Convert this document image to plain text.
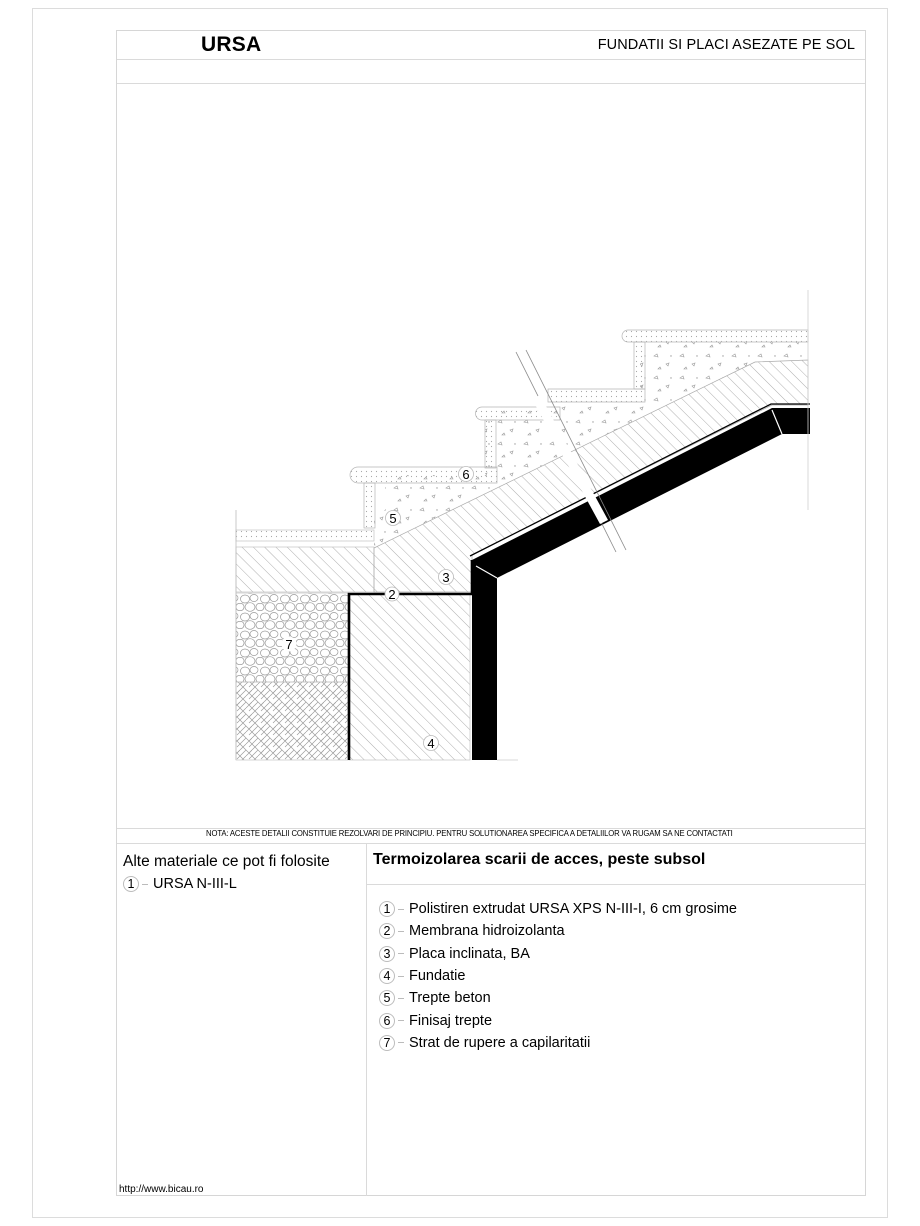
URSA	FUNDATII SI PLACI ASEZATE PE SOL
NOTA: ACESTE DETALII CONSTITUIE REZOLVARI DE PRINCIPIU. PENTRU SOLUTIONAREA SPECIFICA A DETALIILOR VA RUGAM SA NE CONTACTATI
Alte materiale ce pot fi folosite
1	URSA N-III-L
Termoizolarea scarii de acces, peste subsol
1	Polistiren extrudat URSA XPS N-III-I, 6 cm grosime
2	Membrana hidroizolanta
3	Placa inclinata, BA
4	Fundatie
5	Trepte beton
6	Finisaj trepte
7	Strat de rupere a capilaritatii
http://www.bicau.ro
2
3
4
5
6
7
